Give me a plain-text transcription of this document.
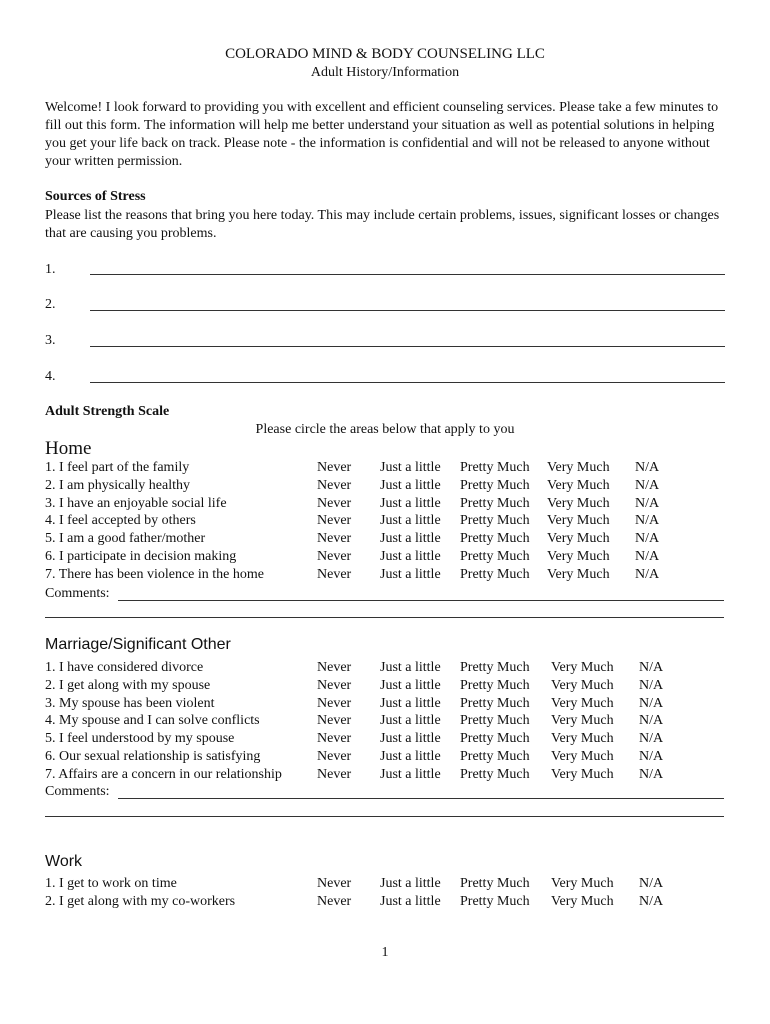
COLORADO MIND & BODY COUNSELING LLC
Adult History/Information
Welcome! I look forward to providing you with excellent and efficient counseling services. Please take a few minutes to fill out this form. The information will help me better understand your situation as well as potential solutions in helping you get your life back on track. Please note - the information is confidential and will not be released to anyone without your written permission.
Sources of Stress
Please list the reasons that bring you here today. This may include certain problems, issues, significant losses or changes that are causing you problems.
1.
2.
3.
4.
Adult Strength Scale
Please circle the areas below that apply to you
Home
1. I feel part of the family	Never Just a little Pretty Much Very Much N/A
2. I am physically healthy	Never Just a little Pretty Much Very Much N/A
3. I have an enjoyable social life	Never Just a little Pretty Much Very Much N/A
4. I feel accepted by others	Never Just a little Pretty Much Very Much N/A
5. I am a good father/mother	Never Just a little Pretty Much Very Much N/A
6. I participate in decision making	Never Just a little Pretty Much Very Much N/A
7. There has been violence in the home	Never Just a little Pretty Much Very Much N/A
Comments:
Marriage/Significant Other
1. I have considered divorce	Never Just a little Pretty Much Very Much N/A
2. I get along with my spouse	Never Just a little Pretty Much Very Much N/A
3. My spouse has been violent	Never Just a little Pretty Much Very Much N/A
4. My spouse and I can solve conflicts	Never Just a little Pretty Much Very Much N/A
5. I feel understood by my spouse	Never Just a little Pretty Much Very Much N/A
6. Our sexual relationship is satisfying	Never Just a little Pretty Much Very Much N/A
7. Affairs are a concern in our relationship	Never Just a little Pretty Much Very Much N/A
Comments:
Work
1. I get to work on time	Never Just a little Pretty Much Very Much N/A
2. I get along with my co-workers	Never Just a little Pretty Much Very Much N/A
1
